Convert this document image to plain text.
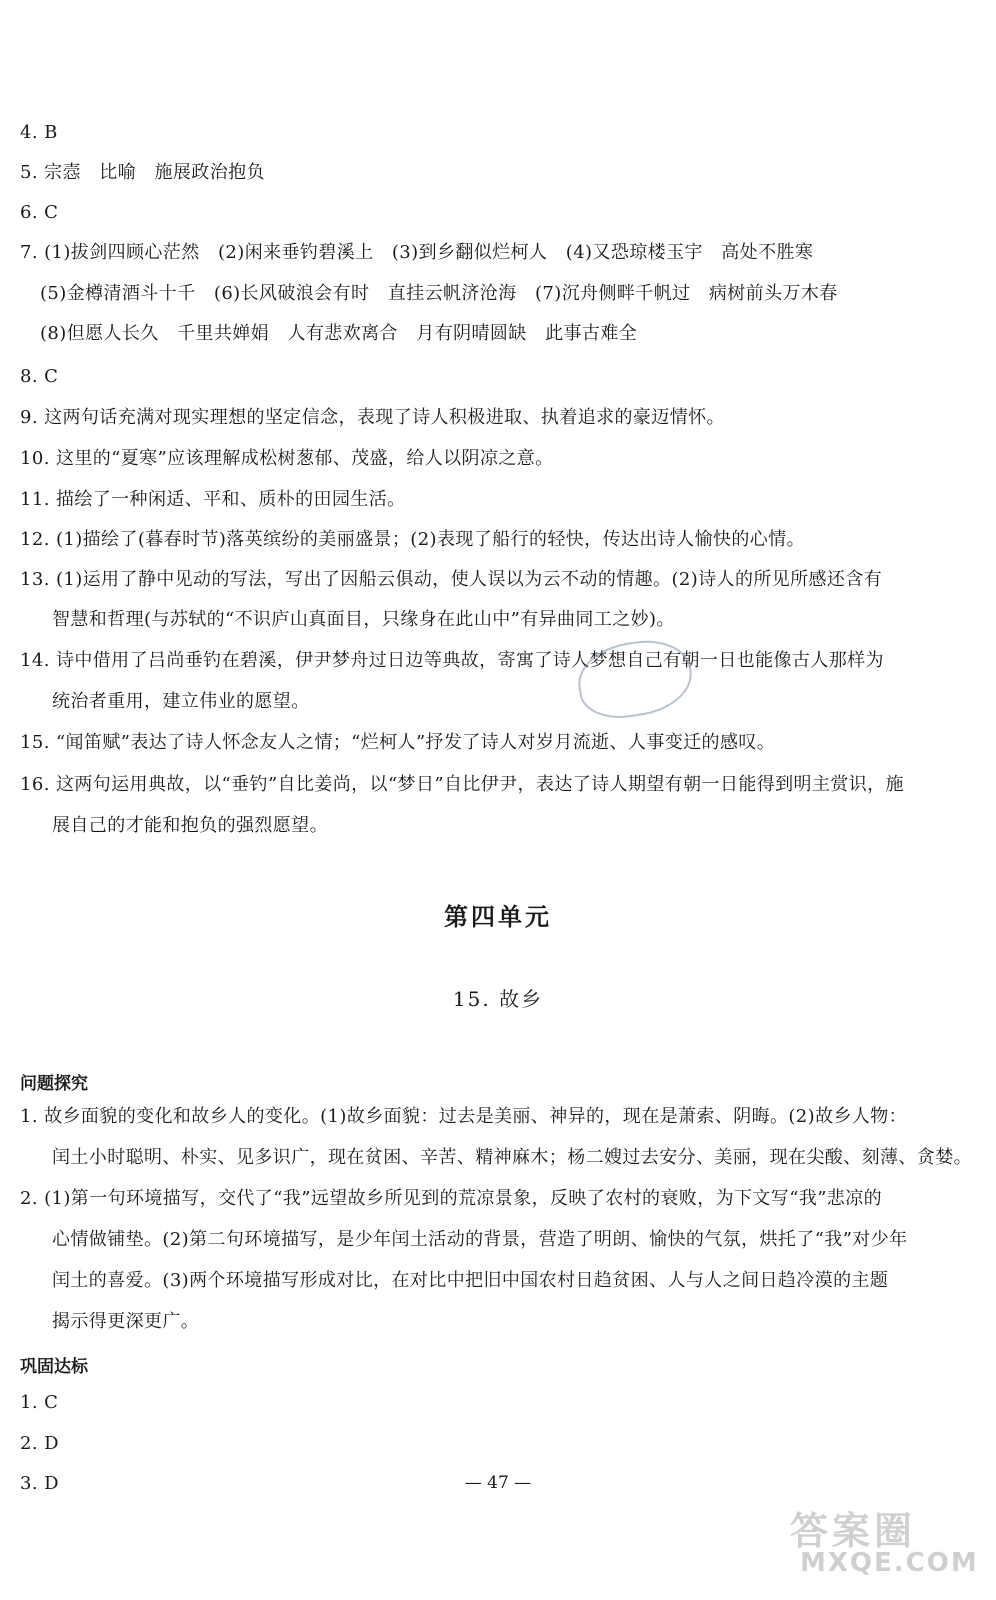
4. B
5. 宗悫　比喻　施展政治抱负
6. C
7. (1)拔剑四顾心茫然　(2)闲来垂钓碧溪上　(3)到乡翻似烂柯人　(4)又恐琼楼玉宇　高处不胜寒
(5)金樽清酒斗十千　(6)长风破浪会有时　直挂云帆济沧海　(7)沉舟侧畔千帆过　病树前头万木春
(8)但愿人长久　千里共婵娟　人有悲欢离合　月有阴晴圆缺　此事古难全
8. C
9. 这两句话充满对现实理想的坚定信念，表现了诗人积极进取、执着追求的豪迈情怀。
10. 这里的“夏寒”应该理解成松树葱郁、茂盛，给人以阴凉之意。
11. 描绘了一种闲适、平和、质朴的田园生活。
12. (1)描绘了(暮春时节)落英缤纷的美丽盛景；(2)表现了船行的轻快，传达出诗人愉快的心情。
13. (1)运用了静中见动的写法，写出了因船云俱动，使人误以为云不动的情趣。(2)诗人的所见所感还含有
智慧和哲理(与苏轼的“不识庐山真面目，只缘身在此山中”有异曲同工之妙)。
14. 诗中借用了吕尚垂钓在碧溪，伊尹梦舟过日边等典故，寄寓了诗人梦想自己有朝一日也能像古人那样为
统治者重用，建立伟业的愿望。
15. “闻笛赋”表达了诗人怀念友人之情；“烂柯人”抒发了诗人对岁月流逝、人事变迁的感叹。
16. 这两句运用典故，以“垂钓”自比姜尚，以“梦日”自比伊尹，表达了诗人期望有朝一日能得到明主赏识，施
展自己的才能和抱负的强烈愿望。
第四单元
15. 故乡
问题探究
1. 故乡面貌的变化和故乡人的变化。(1)故乡面貌：过去是美丽、神异的，现在是萧索、阴晦。(2)故乡人物：
闰土小时聪明、朴实、见多识广，现在贫困、辛苦、精神麻木；杨二嫂过去安分、美丽，现在尖酸、刻薄、贪婪。
2. (1)第一句环境描写，交代了“我”远望故乡所见到的荒凉景象，反映了农村的衰败，为下文写“我”悲凉的
心情做铺垫。(2)第二句环境描写，是少年闰土活动的背景，营造了明朗、愉快的气氛，烘托了“我”对少年
闰土的喜爱。(3)两个环境描写形成对比，在对比中把旧中国农村日趋贫困、人与人之间日趋冷漠的主题
揭示得更深更广。
巩固达标
1. C
2. D
3. D	— 47 —
答案圈
MXQE.COM
